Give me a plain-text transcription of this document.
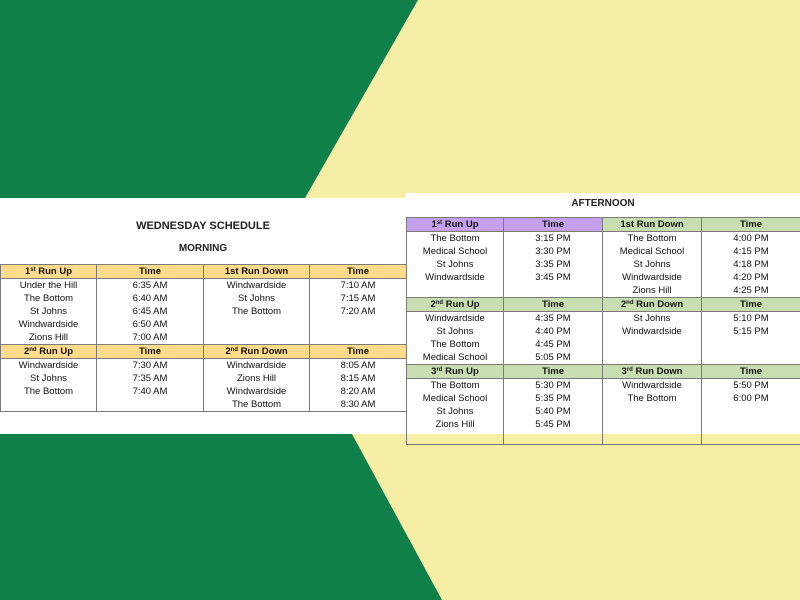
WEDNESDAY SCHEDULE
MORNING
1st Run Up	Time	1st Run Down	Time
Under the Hill	6:35 AM	Windwardside	7:10 AM
The Bottom	6:40 AM	St Johns	7:15 AM
St Johns	6:45 AM	The Bottom	7:20 AM
Windwardside	6:50 AM		
Zions Hill	7:00 AM		
2nd Run Up	Time	2nd Run Down	Time
Windwardside	7:30 AM	Windwardside	8:05 AM
St Johns	7:35 AM	Zions Hill	8:15 AM
The Bottom	7:40 AM	Windwardside	8:20 AM
		The Bottom	8:30 AM
AFTERNOON
1st Run Up	Time	1st Run Down	Time
The Bottom	3:15 PM	The Bottom	4:00 PM
Medical School	3:30 PM	Medical School	4:15 PM
St Johns	3:35 PM	St Johns	4:18 PM
Windwardside	3:45 PM	Windwardside	4:20 PM
		Zions Hill	4:25 PM
2nd Run Up	Time	2nd Run Down	Time
Windwardside	4:35 PM	St Johns	5:10 PM
St Johns	4:40 PM	Windwardside	5:15 PM
The Bottom	4:45 PM		
Medical School	5:05 PM		
3rd Run Up	Time	3rd Run Down	Time
The Bottom	5:30 PM	Windwardside	5:50 PM
Medical School	5:35 PM	The Bottom	6:00 PM
St Johns	5:40 PM		
Zions Hill	5:45 PM		
